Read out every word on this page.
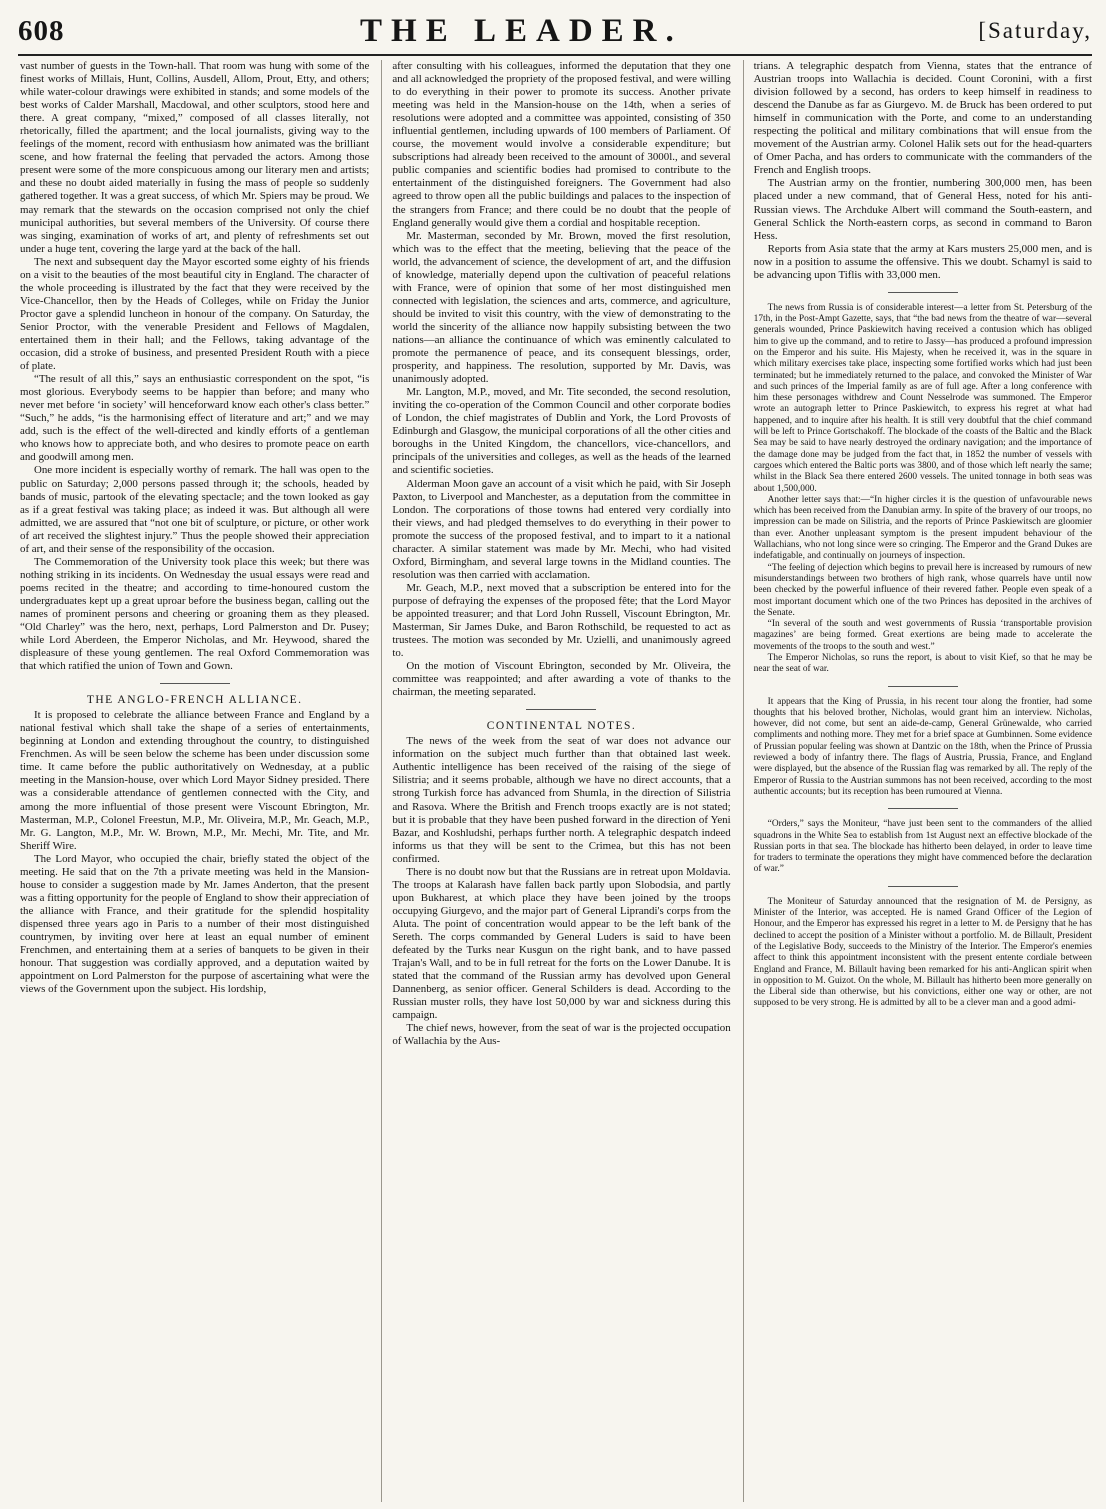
608	THE LEADER.	[Saturday,

vast number of guests in the Town-hall. That room was hung with some of the finest works of Millais, Hunt, Collins, Ausdell, Allom, Prout, Etty, and others; while water-colour drawings were exhibited in stands; and some models of the best works of Calder Marshall, Macdowal, and other sculptors, stood here and there. A great company, “mixed,” composed of all classes literally, not rhetorically, filled the apartment; and the local journalists, giving way to the feelings of the moment, record with enthusiasm how animated was the brilliant scene, and how fraternal the feeling that pervaded the actors. Among those present were some of the more conspicuous among our literary men and artists; and these no doubt aided materially in fusing the mass of people so suddenly gathered together. It was a great success, of which Mr. Spiers may be proud. We may remark that the stewards on the occasion comprised not only the chief municipal authorities, but several members of the University. Of course there was singing, examination of works of art, and plenty of refreshments set out under a huge tent, covering the large yard at the back of the hall.

The next and subsequent day the Mayor escorted some eighty of his friends on a visit to the beauties of the most beautiful city in England. The character of the whole proceeding is illustrated by the fact that they were received by the Vice-Chancellor, then by the Heads of Colleges, while on Friday the Junior Proctor gave a splendid luncheon in honour of the company. On Saturday, the Senior Proctor, with the venerable President and Fellows of Magdalen, entertained them in their hall; and the Fellows, taking advantage of the occasion, did a stroke of business, and presented President Routh with a piece of plate.

“The result of all this,” says an enthusiastic correspondent on the spot, “is most glorious. Everybody seems to be happier than before; and many who never met before ‘in society’ will henceforward know each other's class better.” “Such,” he adds, “is the harmonising effect of literature and art;” and we may add, such is the effect of the well-directed and kindly efforts of a gentleman who knows how to appreciate both, and who desires to promote peace on earth and goodwill among men.

One more incident is especially worthy of remark. The hall was open to the public on Saturday; 2,000 persons passed through it; the schools, headed by bands of music, partook of the elevating spectacle; and the town looked as gay as if a great festival was taking place; as indeed it was. But although all were admitted, we are assured that “not one bit of sculpture, or picture, or other work of art received the slightest injury.” Thus the people showed their appreciation of art, and their sense of the responsibility of the occasion.

The Commemoration of the University took place this week; but there was nothing striking in its incidents. On Wednesday the usual essays were read and poems recited in the theatre; and according to time-honoured custom the undergraduates kept up a great uproar before the business began, calling out the names of prominent persons and cheering or groaning them as they pleased. “Old Charley” was the hero, next, perhaps, Lord Palmerston and Dr. Pusey; while Lord Aberdeen, the Emperor Nicholas, and Mr. Heywood, shared the displeasure of these young gentlemen. The real Oxford Commemoration was that which ratified the union of Town and Gown.

THE ANGLO-FRENCH ALLIANCE.

It is proposed to celebrate the alliance between France and England by a national festival which shall take the shape of a series of entertainments, beginning at London and extending throughout the country, to distinguished Frenchmen. As will be seen below the scheme has been under discussion some time. It came before the public authoritatively on Wednesday, at a public meeting in the Mansion-house, over which Lord Mayor Sidney presided. There was a considerable attendance of gentlemen connected with the City, and among the more influential of those present were Viscount Ebrington, Mr. Masterman, M.P., Colonel Freestun, M.P., Mr. Oliveira, M.P., Mr. Geach, M.P., Mr. G. Langton, M.P., Mr. W. Brown, M.P., Mr. Mechi, Mr. Tite, and Mr. Sheriff Wire.

The Lord Mayor, who occupied the chair, briefly stated the object of the meeting. He said that on the 7th a private meeting was held in the Mansion-house to consider a suggestion made by Mr. James Anderton, that the present was a fitting opportunity for the people of England to show their appreciation of the alliance with France, and their gratitude for the splendid hospitality dispensed three years ago in Paris to a number of their most distinguished countrymen, by inviting over here at least an equal number of eminent Frenchmen, and entertaining them at a series of banquets to be given in their honour. That suggestion was cordially approved, and a deputation waited by appointment on Lord Palmerston for the purpose of ascertaining what were the views of the Government upon the subject. His lordship,

after consulting with his colleagues, informed the deputation that they one and all acknowledged the propriety of the proposed festival, and were willing to do everything in their power to promote its success. Another private meeting was held in the Mansion-house on the 14th, when a series of resolutions were adopted and a committee was appointed, consisting of 350 influential gentlemen, including upwards of 100 members of Parliament. Of course, the movement would involve a considerable expenditure; but subscriptions had already been received to the amount of 3000l., and several public companies and scientific bodies had promised to contribute to the entertainment of the distinguished foreigners. The Government had also agreed to throw open all the public buildings and palaces to the inspection of the strangers from France; and there could be no doubt that the people of England generally would give them a cordial and hospitable reception.

Mr. Masterman, seconded by Mr. Brown, moved the first resolution, which was to the effect that the meeting, believing that the peace of the world, the advancement of science, the development of art, and the diffusion of knowledge, materially depend upon the cultivation of peaceful relations with France, were of opinion that some of her most distinguished men connected with legislation, the sciences and arts, commerce, and agriculture, should be invited to visit this country, with the view of demonstrating to the world the sincerity of the alliance now happily subsisting between the two nations—an alliance the continuance of which was eminently calculated to promote the permanence of peace, and its consequent blessings, order, prosperity, and happiness. The resolution, supported by Mr. Davis, was unanimously adopted.

Mr. Langton, M.P., moved, and Mr. Tite seconded, the second resolution, inviting the co-operation of the Common Council and other corporate bodies of London, the chief magistrates of Dublin and York, the Lord Provosts of Edinburgh and Glasgow, the municipal corporations of all the other cities and boroughs in the United Kingdom, the chancellors, vice-chancellors, and principals of the universities and colleges, as well as the heads of the learned and scientific societies.

Alderman Moon gave an account of a visit which he paid, with Sir Joseph Paxton, to Liverpool and Manchester, as a deputation from the committee in London. The corporations of those towns had entered very cordially into their views, and had pledged themselves to do everything in their power to promote the success of the proposed festival, and to impart to it a national character. A similar statement was made by Mr. Mechi, who had visited Oxford, Birmingham, and several large towns in the Midland counties. The resolution was then carried with acclamation.

Mr. Geach, M.P., next moved that a subscription be entered into for the purpose of defraying the expenses of the proposed fête; that the Lord Mayor be appointed treasurer; and that Lord John Russell, Viscount Ebrington, Mr. Masterman, Sir James Duke, and Baron Rothschild, be requested to act as trustees. The motion was seconded by Mr. Uzielli, and unanimously agreed to.

On the motion of Viscount Ebrington, seconded by Mr. Oliveira, the committee was reappointed; and after awarding a vote of thanks to the chairman, the meeting separated.

CONTINENTAL NOTES.

The news of the week from the seat of war does not advance our information on the subject much further than that obtained last week. Authentic intelligence has been received of the raising of the siege of Silistria; and it seems probable, although we have no direct accounts, that a strong Turkish force has advanced from Shumla, in the direction of Silistria and Rasova. Where the British and French troops exactly are is not stated; but it is probable that they have been pushed forward in the direction of Yeni Bazar, and Koshludshi, perhaps further north. A telegraphic despatch indeed informs us that they will be sent to the Crimea, but this has not been confirmed.

There is no doubt now but that the Russians are in retreat upon Moldavia. The troops at Kalarash have fallen back partly upon Slobodsia, and partly upon Bukharest, at which place they have been joined by the troops occupying Giurgevo, and the major part of General Liprandi's corps from the Aluta. The point of concentration would appear to be the left bank of the Sereth. The corps commanded by General Luders is said to have been defeated by the Turks near Kusgun on the right bank, and to have passed Trajan's Wall, and to be in full retreat for the forts on the Lower Danube. It is stated that the command of the Russian army has devolved upon General Dannenberg, as senior officer. General Schilders is dead. According to the Russian muster rolls, they have lost 50,000 by war and sickness during this campaign.

The chief news, however, from the seat of war is the projected occupation of Wallachia by the Aus-

trians. A telegraphic despatch from Vienna, states that the entrance of Austrian troops into Wallachia is decided. Count Coronini, with a first division followed by a second, has orders to keep himself in readiness to descend the Danube as far as Giurgevo. M. de Bruck has been ordered to put himself in communication with the Porte, and come to an understanding respecting the political and military combinations that will ensue from the movement of the Austrian army. Colonel Halik sets out for the head-quarters of Omer Pacha, and has orders to communicate with the commanders of the French and English troops.

The Austrian army on the frontier, numbering 300,000 men, has been placed under a new command, that of General Hess, noted for his anti-Russian views. The Archduke Albert will command the South-eastern, and General Schlick the North-eastern corps, as second in command to Baron Hess.

Reports from Asia state that the army at Kars musters 25,000 men, and is now in a position to assume the offensive. This we doubt. Schamyl is said to be advancing upon Tiflis with 33,000 men.

The news from Russia is of considerable interest—a letter from St. Petersburg of the 17th, in the Post-Ampt Gazette, says, that “the bad news from the theatre of war—several generals wounded, Prince Paskiewitch having received a contusion which has obliged him to give up the command, and to retire to Jassy—has produced a profound impression on the Emperor and his suite. His Majesty, when he received it, was in the square in which military exercises take place, inspecting some fortified works which had just been terminated; but he immediately returned to the palace, and convoked the Minister of War and such princes of the Imperial family as are of full age. After a long conference with him these personages withdrew and Count Nesselrode was summoned. The Emperor wrote an autograph letter to Prince Paskiewitch, to express his regret at what had happened, and to inquire after his health. It is still very doubtful that the chief command will be left to Prince Gortschakoff. The blockade of the coasts of the Baltic and the Black Sea may be said to have nearly destroyed the ordinary navigation; and the importance of the damage done may be judged from the fact that, in 1852 the number of vessels with cargoes which entered the Baltic ports was 3800, and of those which left nearly the same; whilst in the Black Sea there entered 2600 vessels. The united tonnage in both seas was about 1,500,000.

Another letter says that:—“In higher circles it is the question of unfavourable news which has been received from the Danubian army. In spite of the bravery of our troops, no impression can be made on Silistria, and the reports of Prince Paskiewitsch are gloomier than ever. Another unpleasant symptom is the present impudent behaviour of the Wallachians, who not long since were so cringing. The Emperor and the Grand Dukes are indefatigable, and continually on journeys of inspection.

“The feeling of dejection which begins to prevail here is increased by rumours of new misunderstandings between two brothers of high rank, whose quarrels have until now been checked by the powerful influence of their revered father. People even speak of a most important document which one of the two Princes has deposited in the archives of the Senate.

“In several of the south and west governments of Russia ‘transportable provision magazines’ are being formed. Great exertions are being made to accelerate the movements of the troops to the south and west.”

The Emperor Nicholas, so runs the report, is about to visit Kief, so that he may be near the seat of war.

It appears that the King of Prussia, in his recent tour along the frontier, had some thoughts that his beloved brother, Nicholas, would grant him an interview. Nicholas, however, did not come, but sent an aide-de-camp, General Grünewalde, who carried compliments and nothing more. They met for a brief space at Gumbinnen. Some evidence of Prussian popular feeling was shown at Dantzic on the 18th, when the Prince of Prussia reviewed a body of infantry there. The flags of Austria, Prussia, France, and England were displayed, but the absence of the Russian flag was remarked by all. The reply of the Emperor of Russia to the Austrian summons has not been received, according to the most authentic accounts; but its reception has been rumoured at Vienna.

“Orders,” says the Moniteur, “have just been sent to the commanders of the allied squadrons in the White Sea to establish from 1st August next an effective blockade of the Russian ports in that sea. The blockade has hitherto been delayed, in order to leave time for traders to terminate the operations they might have commenced before the declaration of war.”

The Moniteur of Saturday announced that the resignation of M. de Persigny, as Minister of the Interior, was accepted. He is named Grand Officer of the Legion of Honour, and the Emperor has expressed his regret in a letter to M. de Persigny that he has declined to accept the position of a Minister without a portfolio. M. de Billault, President of the Legislative Body, succeeds to the Ministry of the Interior. The Emperor's enemies affect to think this appointment inconsistent with the present entente cordiale between England and France, M. Billault having been remarked for his anti-Anglican spirit when in opposition to M. Guizot. On the whole, M. Billault has hitherto been more generally on the Liberal side than otherwise, but his convictions, either one way or other, are not supposed to be very strong. He is admitted by all to be a clever man and a good admi-
